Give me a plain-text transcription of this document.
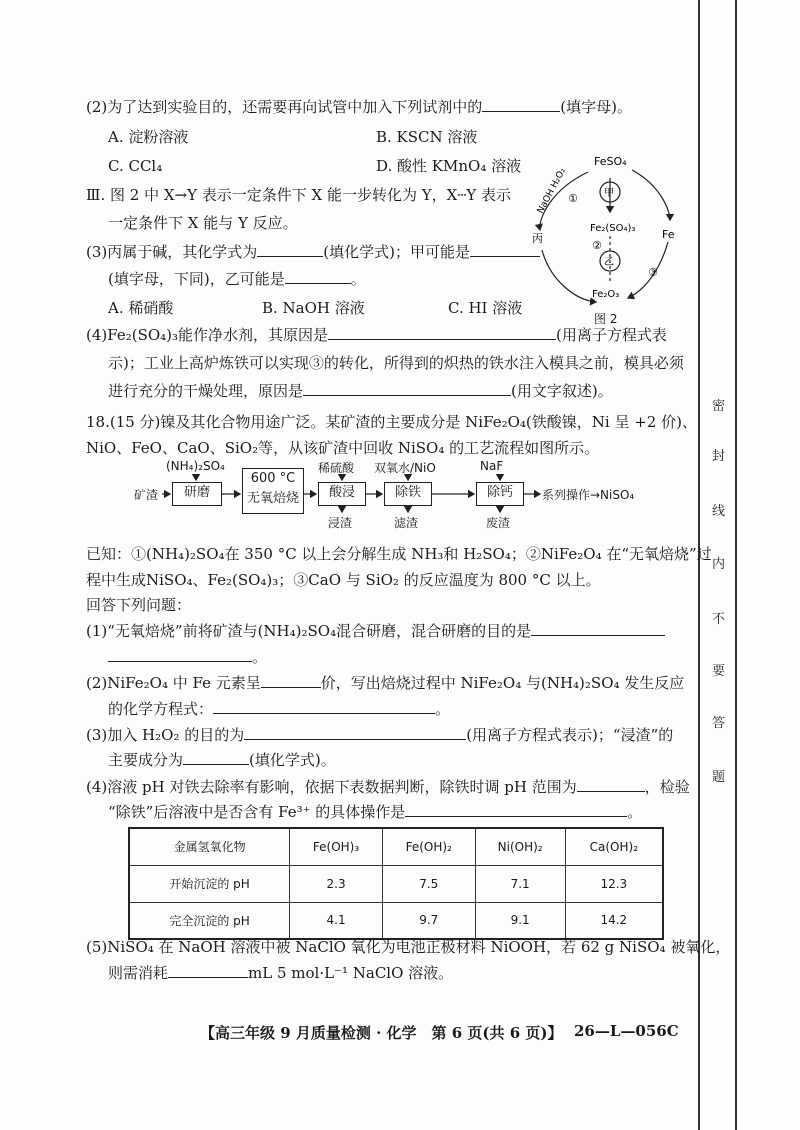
密
封
线
内
不
要
答
题
(2)为了达到实验目的，还需要再向试管中加入下列试剂中的	(填字母)。
A. 淀粉溶液	B. KSCN 溶液
C. CCl₄	D. 酸性 KMnO₄ 溶液
Ⅲ. 图 2 中 X→Y 表示一定条件下 X 能一步转化为 Y，X┄Y 表示
一定条件下 X 能与 Y 反应。
(3)丙属于碱，其化学式为	(填化学式)；甲可能是
(填字母，下同)，乙可能是	。
A. 稀硝酸	B. NaOH 溶液	C. HI 溶液
FeSO₄
甲
Fe₂(SO₄)₃
乙
Fe₂O₃
Fe
丙
NaOH H₂O₂ ①
②
③
图 2
(4)Fe₂(SO₄)₃能作净水剂，其原因是	(用离子方程式表
示)；工业上高炉炼铁可以实现③的转化，所得到的炽热的铁水注入模具之前，模具必须
进行充分的干燥处理，原因是	(用文字叙述)。
18.(15 分)镍及其化合物用途广泛。某矿渣的主要成分是 NiFe₂O₄(铁酸镍，Ni 呈 +2 价)、
NiO、FeO、CaO、SiO₂等，从该矿渣中回收 NiSO₄ 的工艺流程如图所示。
(NH₄)₂SO₄
矿渣	研磨
600 °C
无氧焙烧
稀硫酸
酸浸
浸渣
双氧水/NiO
除铁
滤渣
NaF
除钙
废渣
系列操作→NiSO₄
已知：①(NH₄)₂SO₄在 350 °C 以上会分解生成 NH₃和 H₂SO₄；②NiFe₂O₄ 在“无氧焙烧”过
程中生成NiSO₄、Fe₂(SO₄)₃；③CaO 与 SiO₂ 的反应温度为 800 °C 以上。
回答下列问题：
(1)“无氧焙烧”前将矿渣与(NH₄)₂SO₄混合研磨，混合研磨的目的是
。
(2)NiFe₂O₄ 中 Fe 元素呈	价，写出焙烧过程中 NiFe₂O₄ 与(NH₄)₂SO₄ 发生反应
的化学方程式：	。
(3)加入 H₂O₂ 的目的为	(用离子方程式表示)；“浸渣”的
主要成分为	(填化学式)。
(4)溶液 pH 对铁去除率有影响，依据下表数据判断，除铁时调 pH 范围为	，检验
“除铁”后溶液中是否含有 Fe³⁺ 的具体操作是	。
金属氢氧化物	Fe(OH)₃	Fe(OH)₂	Ni(OH)₂	Ca(OH)₂
开始沉淀的 pH	2.3	7.5	7.1	12.3
完全沉淀的 pH	4.1	9.7	9.1	14.2
(5)NiSO₄ 在 NaOH 溶液中被 NaClO 氧化为电池正极材料 NiOOH，若 62 g NiSO₄ 被氧化，
则需消耗	mL 5 mol·L⁻¹ NaClO 溶液。
【高三年级 9 月质量检测 · 化学　第 6 页(共 6 页)】 26—L—056C
